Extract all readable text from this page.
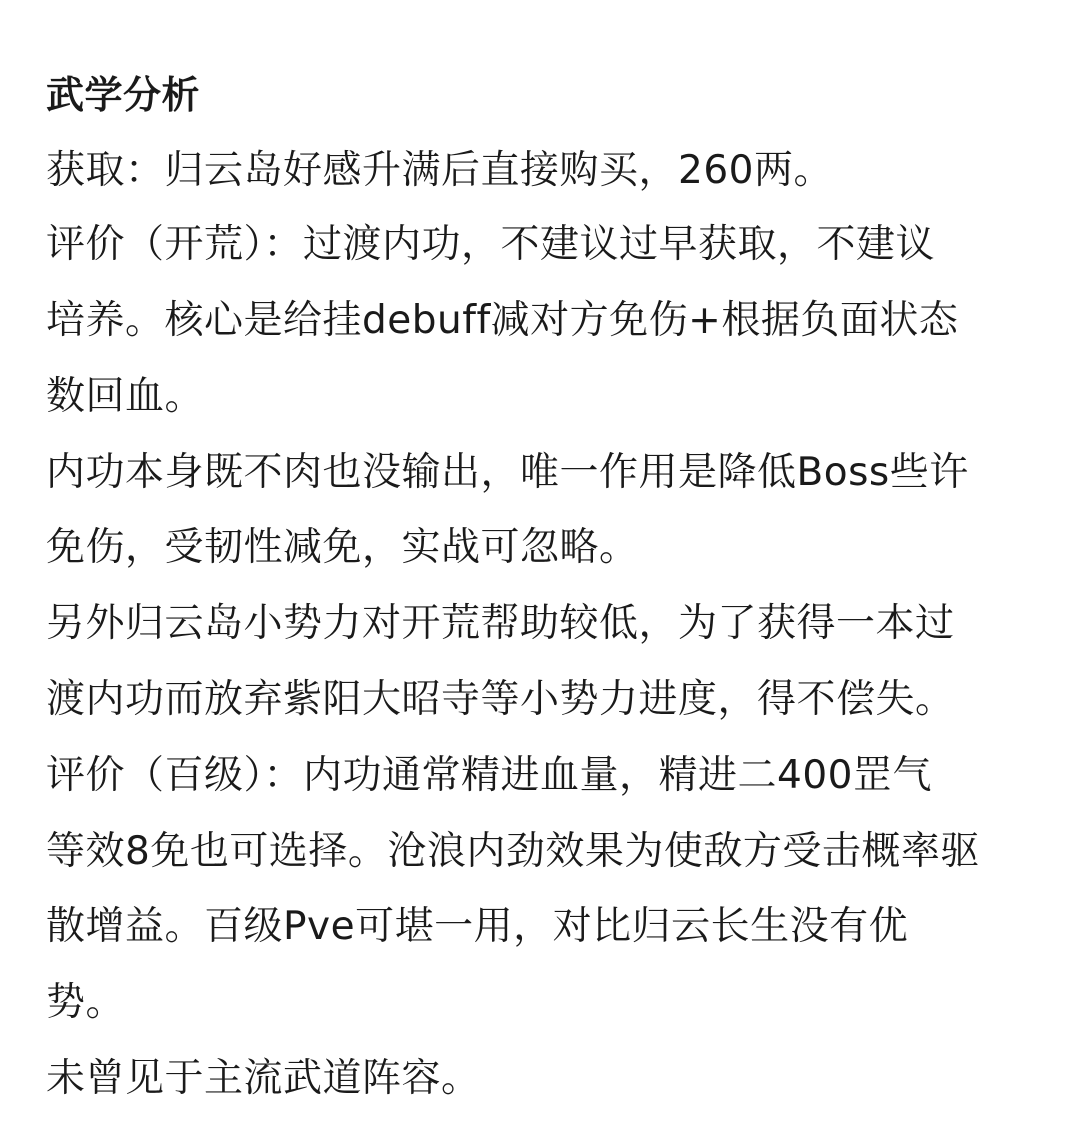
武学分析
获取：归云岛好感升满后直接购买，260两。
评价（开荒）：过渡内功，不建议过早获取，不建议
培养。核心是给挂debuff减对方免伤+根据负面状态
数回血。
内功本身既不肉也没输出，唯一作用是降低Boss些许
免伤，受韧性减免，实战可忽略。
另外归云岛小势力对开荒帮助较低，为了获得一本过
渡内功而放弃紫阳大昭寺等小势力进度，得不偿失。
评价（百级）：内功通常精进血量，精进二400罡气
等效8免也可选择。沧浪内劲效果为使敌方受击概率驱
散增益。百级Pve可堪一用，对比归云长生没有优
势。
未曾见于主流武道阵容。
